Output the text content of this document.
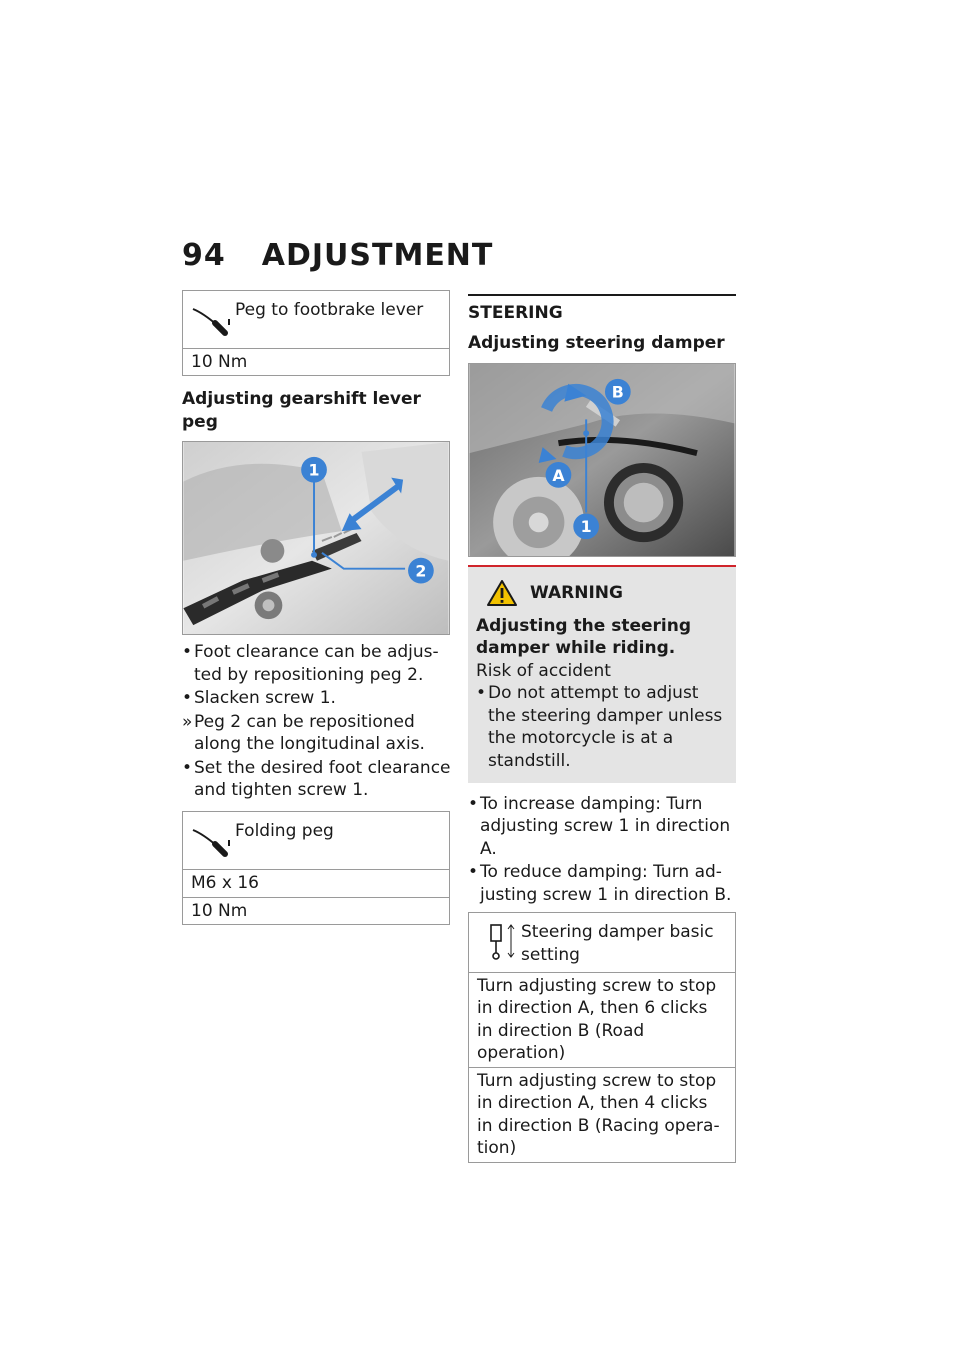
94 ADJUSTMENT
Peg to footbrake lever
10 Nm
Adjusting gearshift lever peg
1
2
• Foot clearance can be adjusted by repositioning peg 2.
• Slacken screw 1.
» Peg 2 can be repositioned along the longitudinal axis.
• Set the desired foot clearance and tighten screw 1.
Folding peg
M6 x 16
10 Nm
STEERING
Adjusting steering damper
B
A
1
WARNING
Adjusting the steering damper while riding.
Risk of accident
• Do not attempt to adjust the steering damper unless the motorcycle is at a standstill.
• To increase damping: Turn adjusting screw 1 in direction A.
• To reduce damping: Turn adjusting screw 1 in direction B.
Steering damper basic setting
Turn adjusting screw to stop in direction A, then 6 clicks in direction B (Road operation)
Turn adjusting screw to stop in direction A, then 4 clicks in direction B (Racing operation)
